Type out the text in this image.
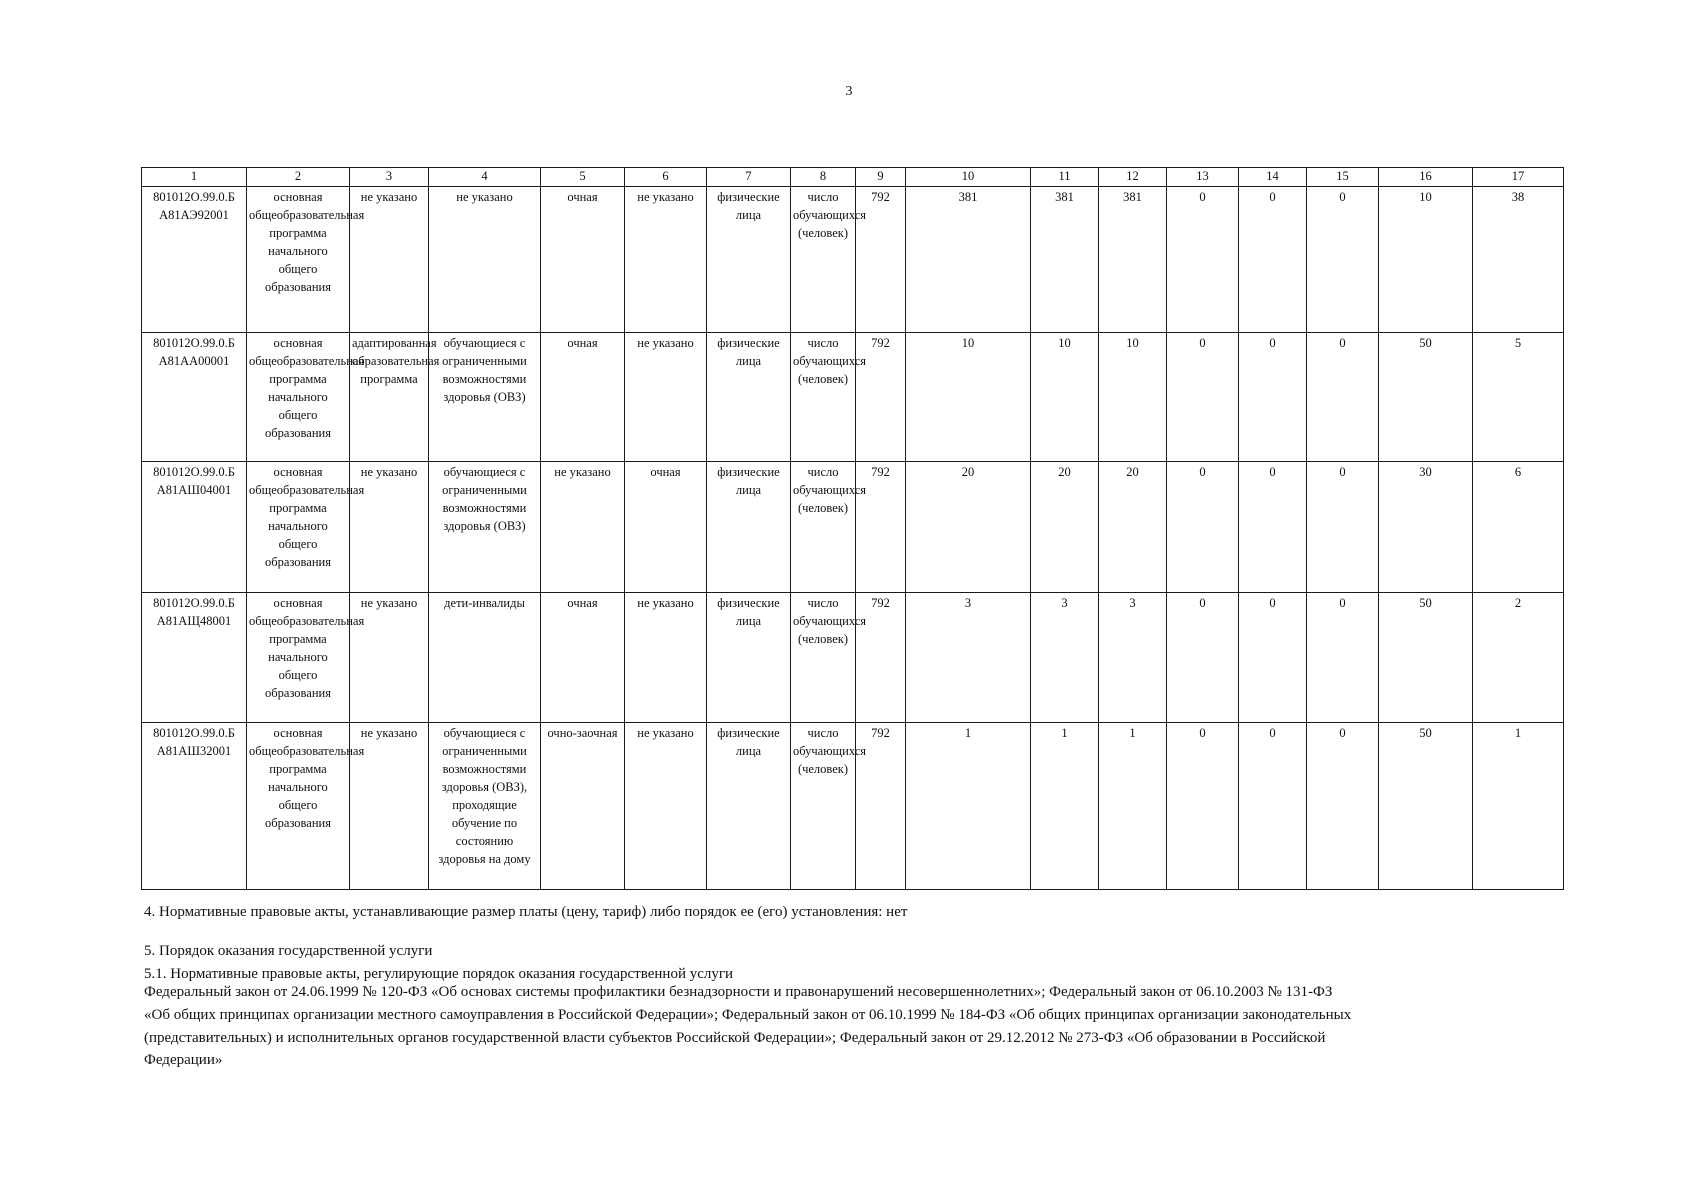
3
1	2	3	4	5	6	7	8	9	10	11	12	13	14	15	16	17
801012О.99.0.Б А81АЭ92001	основная общеобразовательная программа начального общего образования	не указано	не указано	очная	не указано	физические лица	число обучающихся (человек)	792	381	381	381	0	0	0	10	38
801012О.99.0.Б А81АА00001	основная общеобразовательная программа начального общего образования	адаптированная образовательная программа	обучающиеся с ограниченными возможностями здоровья (ОВЗ)	очная	не указано	физические лица	число обучающихся (человек)	792	10	10	10	0	0	0	50	5
801012О.99.0.Б А81АШ04001	основная общеобразовательная программа начального общего образования	не указано	обучающиеся с ограниченными возможностями здоровья (ОВЗ)	не указано	очная	физические лица	число обучающихся (человек)	792	20	20	20	0	0	0	30	6
801012О.99.0.Б А81АЩ48001	основная общеобразовательная программа начального общего образования	не указано	дети-инвалиды	очная	не указано	физические лица	число обучающихся (человек)	792	3	3	3	0	0	0	50	2
801012О.99.0.Б А81АШ32001	основная общеобразовательная программа начального общего образования	не указано	обучающиеся с ограниченными возможностями здоровья (ОВЗ), проходящие обучение по состоянию здоровья на дому	очно-заочная	не указано	физические лица	число обучающихся (человек)	792	1	1	1	0	0	0	50	1
4. Нормативные правовые акты, устанавливающие размер платы (цену, тариф) либо порядок ее (его) установления: нет
5. Порядок оказания государственной услуги
5.1. Нормативные правовые акты, регулирующие порядок оказания государственной услуги
Федеральный закон от 24.06.1999 № 120-ФЗ «Об основах системы профилактики безнадзорности и правонарушений несовершеннолетних»; Федеральный закон от 06.10.2003 № 131-ФЗ
«Об общих принципах организации местного самоуправления в Российской Федерации»; Федеральный закон от 06.10.1999 № 184-ФЗ «Об общих принципах организации законодательных
(представительных) и исполнительных органов государственной власти субъектов Российской Федерации»; Федеральный закон от 29.12.2012 № 273-ФЗ «Об образовании в Российской
Федерации»
